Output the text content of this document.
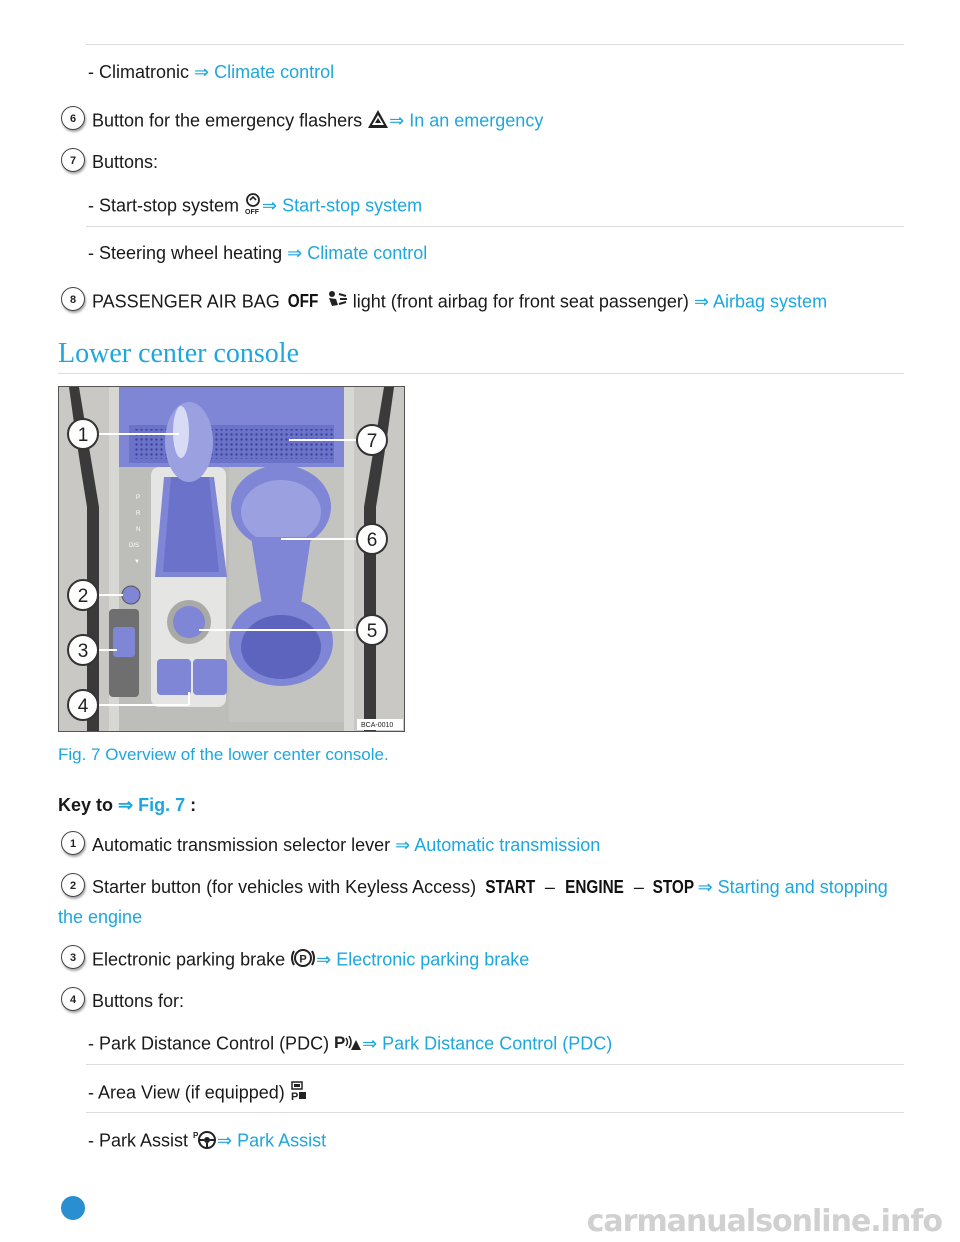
- Climatronic ⇒ Climate control
6 Button for the emergency flashers ⇒ In an emergency
7 Buttons:
- Start-stop system OFF ⇒ Start-stop system
- Steering wheel heating ⇒ Climate control
8 PASSENGER AIR BAG OFF  light (front airbag for front seat passenger) ⇒ Airbag system
Lower center console
P
R
N
D/S
▼
1
2
3
4
5
6
7
BCA-0010
Fig. 7 Overview of the lower center console.
Key to ⇒ Fig. 7 :
1 Automatic transmission selector lever ⇒ Automatic transmission
2 Starter button (for vehicles with Keyless Access) START – ENGINE – STOP ⇒ Starting and stopping
the engine
3 Electronic parking brake P ⇒ Electronic parking brake
4 Buttons for:
- Park Distance Control (PDC) P ⇒ Park Distance Control (PDC)
- Area View (if equipped) P
- Park Assist P ⇒ Park Assist
carmanualsonline.info
